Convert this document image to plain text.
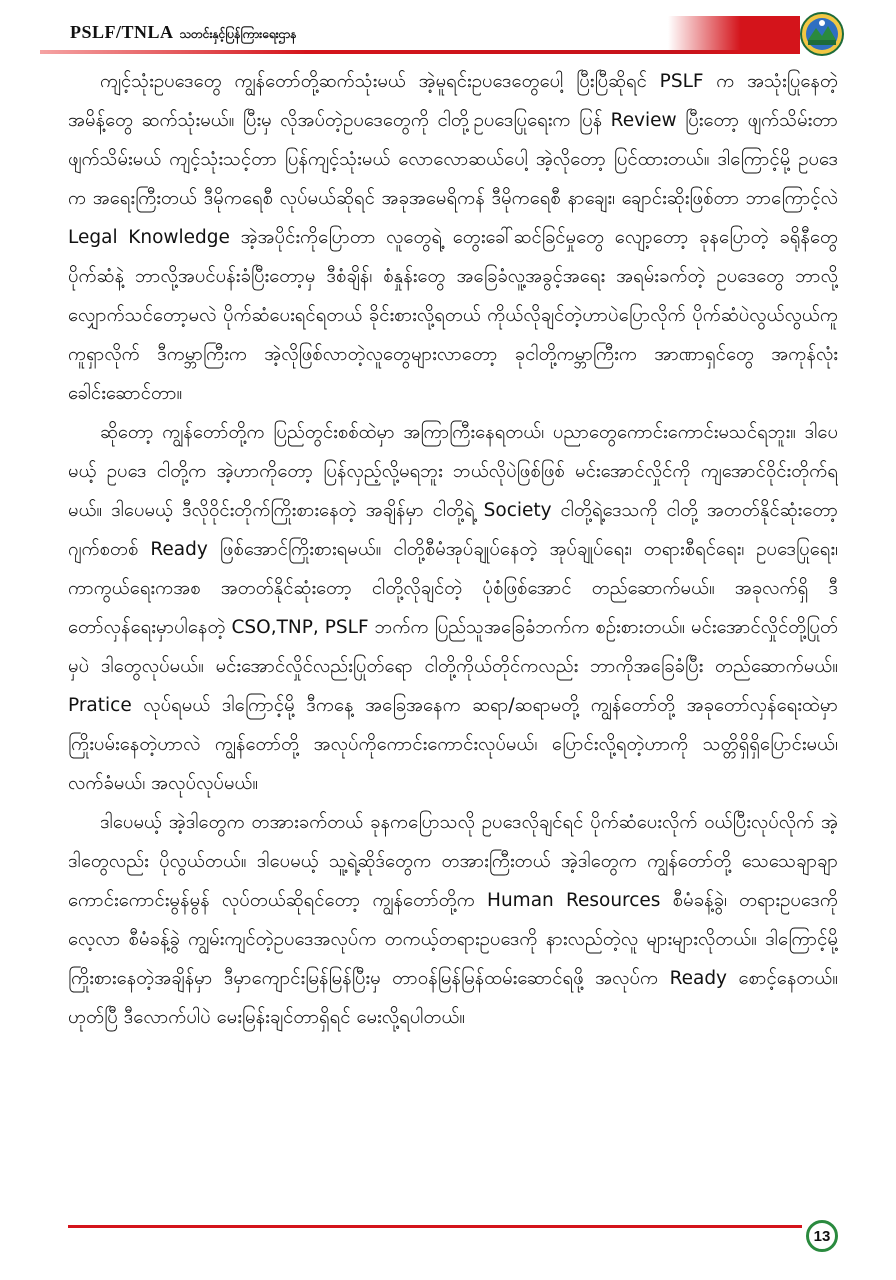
PSLF/TNLA သတင်းနှင့်ပြန်ကြားရေးဌာန

ကျင့်သုံးဥပဒေတွေ ကျွန်တော်တို့ဆက်သုံးမယ် အဲ့မူရင်းဥပဒေတွေပေါ့ ပြီးပြီဆိုရင် PSLF က အသုံးပြုနေတဲ့ အမိန့်တွေ ဆက်သုံးမယ်။ ပြီးမှ လိုအပ်တဲ့ဥပဒေတွေကို ငါတို့ဥပဒေပြုရေးက ပြန် Review ပြီးတော့ ဖျက်သိမ်းတာဖျက်သိမ်းမယ် ကျင့်သုံးသင့်တာ ပြန်ကျင့်သုံးမယ် လောလောဆယ်ပေါ့ အဲ့လိုတော့ ပြင်ထားတယ်။ ဒါကြောင့်မို့ ဥပဒေက အရေးကြီးတယ် ဒီမိုကရေစီ လုပ်မယ်ဆိုရင် အခုအမေရိကန် ဒီမိုကရေစီ နာချေး၊ ချောင်းဆိုးဖြစ်တာ ဘာကြောင့်လဲ Legal Knowledge အဲ့အပိုင်းကိုပြောတာ လူတွေရဲ့ တွေးခေါ်ဆင်ခြင်မှုတွေ လျော့တော့ ခုနပြောတဲ့ ခရိုနီတွေ ပိုက်ဆံနဲ့ ဘာလို့အပင်ပန်းခံပြီးတော့မှ ဒီစံချိန်၊ စံနှုန်းတွေ အခြေခံလူ့အခွင့်အရေး အရမ်းခက်တဲ့ ဥပဒေတွေ ဘာလို့လျှောက်သင်တော့မလဲ ပိုက်ဆံပေးရင်ရတယ် ခိုင်းစားလို့ရတယ် ကိုယ်လိုချင်တဲ့ဟာပဲပြောလိုက် ပိုက်ဆံပဲလွယ်လွယ်ကူကူရှာလိုက် ဒီကမ္ဘာကြီးက အဲ့လိုဖြစ်လာတဲ့လူတွေများလာတော့ ခုငါတို့ကမ္ဘာကြီးက အာဏာရှင်တွေ အကုန်လုံးခေါင်းဆောင်တာ။

ဆိုတော့ ကျွန်တော်တို့က ပြည်တွင်းစစ်ထဲမှာ အကြာကြီးနေရတယ်၊ ပညာတွေကောင်းကောင်းမသင်ရဘူး။ ဒါပေမယ့် ဥပဒေ ငါတို့က အဲ့ဟာကိုတော့ ပြန်လှည့်လို့မရဘူး ဘယ်လိုပဲဖြစ်ဖြစ် မင်းအောင်လှိုင်ကို ကျအောင်ဝိုင်းတိုက်ရမယ်။ ဒါပေမယ့် ဒီလိုဝိုင်းတိုက်ကြိုးစားနေတဲ့ အချိန်မှာ ငါတို့ရဲ့ Society ငါတို့ရဲ့ဒေသကို ငါတို့ အတတ်နိုင်ဆုံးတော့ ဂျက်စတစ် Ready ဖြစ်အောင်ကြိုးစားရမယ်။ ငါတို့စီမံအုပ်ချုပ်နေတဲ့ အုပ်ချုပ်ရေး၊ တရားစီရင်ရေး၊ ဥပဒေပြုရေး၊ ကာကွယ်ရေးကအစ အတတ်နိုင်ဆုံးတော့ ငါတို့လိုချင်တဲ့ ပုံစံဖြစ်အောင် တည်ဆောက်မယ်။ အခုလက်ရှိ ဒီတော်လှန်ရေးမှာပါနေတဲ့ CSO,TNP, PSLF ဘက်က ပြည်သူအခြေခံဘက်က စဉ်းစားတယ်။ မင်းအောင်လှိုင်တို့ပြုတ်မှပဲ ဒါတွေလုပ်မယ်။ မင်းအောင်လှိုင်လည်းပြုတ်ရော ငါတို့ကိုယ်တိုင်ကလည်း ဘာကိုအခြေခံပြီး တည်ဆောက်မယ်။ Pratice လုပ်ရမယ် ဒါကြောင့်မို့ ဒီကနေ့ အခြေအနေက ဆရာ/ဆရာမတို့ ကျွန်တော်တို့ အခုတော်လှန်ရေးထဲမှာ ကြိုးပမ်းနေတဲ့ဟာလဲ ကျွန်တော်တို့ အလုပ်ကိုကောင်းကောင်းလုပ်မယ်၊ ပြောင်းလို့ရတဲ့ဟာကို သတ္တိရှိရှိပြောင်းမယ်၊ လက်ခံမယ်၊ အလုပ်လုပ်မယ်။

ဒါပေမယ့် အဲ့ဒါတွေက တအားခက်တယ် ခုနကပြောသလို ဥပဒေလိုချင်ရင် ပိုက်ဆံပေးလိုက် ဝယ်ပြီးလုပ်လိုက် အဲ့ဒါတွေလည်း ပိုလွယ်တယ်။ ဒါပေမယ့် သူ့ရဲ့ဆိုဒ်တွေက တအားကြီးတယ် အဲ့ဒါတွေက ကျွန်တော်တို့ သေသေချာချာ ကောင်းကောင်းမွန်မွန် လုပ်တယ်ဆိုရင်တော့ ကျွန်တော်တို့က Human Resources စီမံခန့်ခွဲ၊ တရားဥပဒေကိုလေ့လာ စီမံခန့်ခွဲ ကျွမ်းကျင်တဲ့ဥပဒေအလုပ်က တကယ့်တရားဥပဒေကို နားလည်တဲ့လူ များများလိုတယ်။ ဒါကြောင့်မို့ ကြိုးစားနေတဲ့အချိန်မှာ ဒီမှာကျောင်းမြန်မြန်ပြီးမှ တာဝန်မြန်မြန်ထမ်းဆောင်ရဖို့ အလုပ်က Ready စောင့်နေတယ်။ ဟုတ်ပြီ ဒီလောက်ပါပဲ မေးမြန်းချင်တာရှိရင် မေးလို့ရပါတယ်။

13
